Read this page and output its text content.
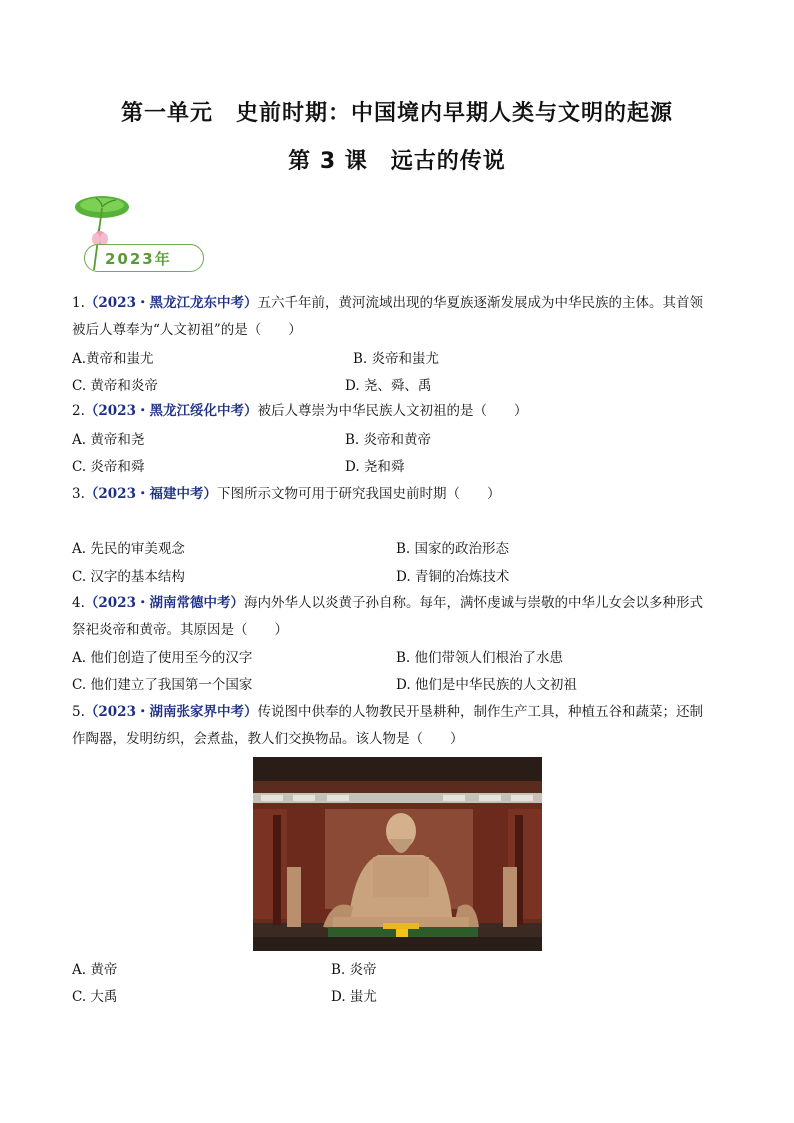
第一单元　史前时期：中国境内早期人类与文明的起源
第 3 课　远古的传说
2023年
1.（2023・黑龙江龙东中考）五六千年前，黄河流域出现的华夏族逐渐发展成为中华民族的主体。其首领
被后人尊奉为“人文初祖”的是（　　）
A.黄帝和蚩尤	B. 炎帝和蚩尤
C. 黄帝和炎帝	D. 尧、舜、禹
2.（2023・黑龙江绥化中考）被后人尊崇为中华民族人文初祖的是（　　）
A. 黄帝和尧	B. 炎帝和黄帝
C. 炎帝和舜	D. 尧和舜
3.（2023・福建中考）下图所示文物可用于研究我国史前时期（　　）
A. 先民的审美观念	B. 国家的政治形态
C. 汉字的基本结构	D. 青铜的冶炼技术
4.（2023・湖南常德中考）海内外华人以炎黄子孙自称。每年，满怀虔诚与崇敬的中华儿女会以多种形式
祭祀炎帝和黄帝。其原因是（　　）
A. 他们创造了使用至今的汉字	B. 他们带领人们根治了水患
C. 他们建立了我国第一个国家	D. 他们是中华民族的人文初祖
5.（2023・湖南张家界中考）传说图中供奉的人物教民开垦耕种，制作生产工具，种植五谷和蔬菜；还制
作陶器，发明纺织，会煮盐，教人们交换物品。该人物是（　　）
A. 黄帝	B. 炎帝
C. 大禹	D. 蚩尤
